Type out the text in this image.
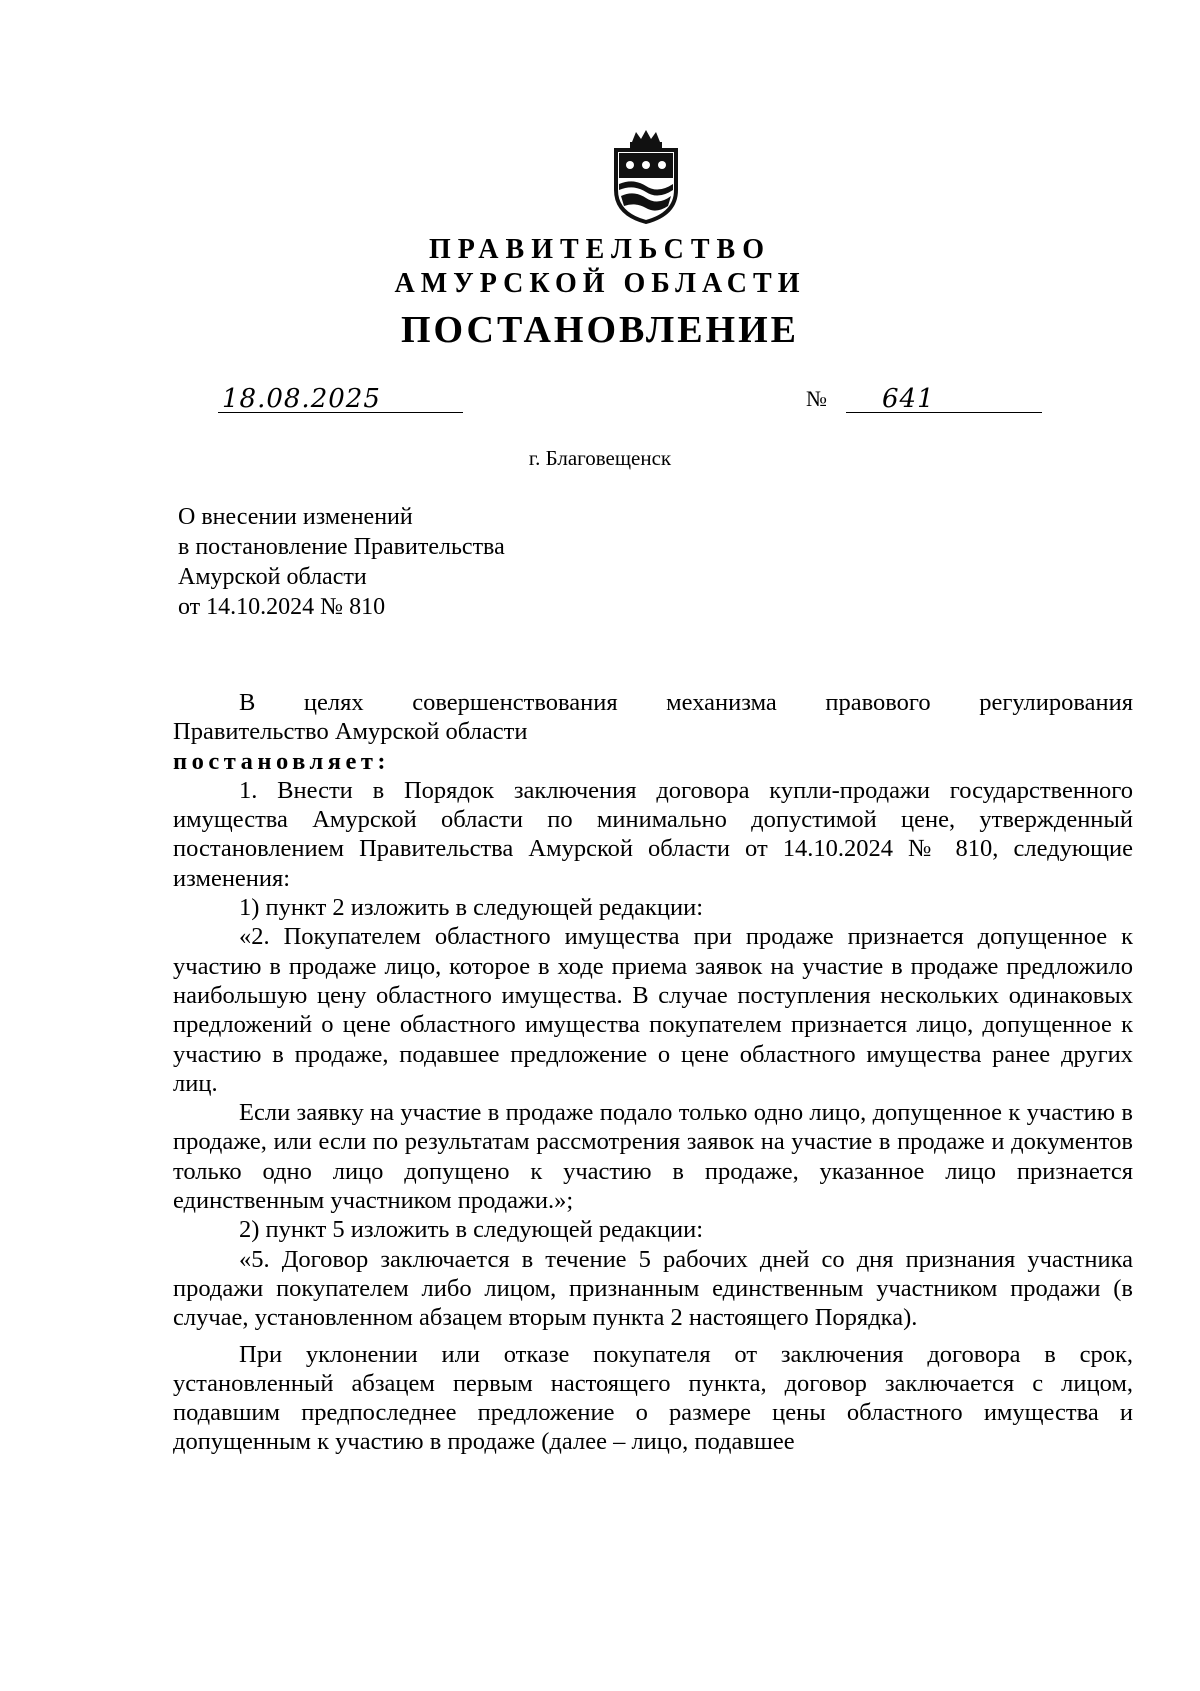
ПРАВИТЕЛЬСТВО
АМУРСКОЙ ОБЛАСТИ
ПОСТАНОВЛЕНИЕ
18.08.2025	№ 641
г. Благовещенск
О внесении изменений
в постановление Правительства
Амурской области
от 14.10.2024 № 810

В целях совершенствования механизма правового регулирования

Правительство Амурской области

постановляет:

1. Внести в Порядок заключения договора купли-продажи государственного имущества Амурской области по минимально допустимой цене, утвержденный постановлением Правительства Амурской области от 14.10.2024 № 810, следующие изменения:

1) пункт 2 изложить в следующей редакции:

«2. Покупателем областного имущества при продаже признается допущенное к участию в продаже лицо, которое в ходе приема заявок на участие в продаже предложило наибольшую цену областного имущества. В случае поступления нескольких одинаковых предложений о цене областного имущества покупателем признается лицо, допущенное к участию в продаже, подавшее предложение о цене областного имущества ранее других лиц.

Если заявку на участие в продаже подало только одно лицо, допущенное к участию в продаже, или если по результатам рассмотрения заявок на участие в продаже и документов только одно лицо допущено к участию в продаже, указанное лицо признается единственным участником продажи.»;

2) пункт 5 изложить в следующей редакции:

«5. Договор заключается в течение 5 рабочих дней со дня признания участника продажи покупателем либо лицом, признанным единственным участником продажи (в случае, установленном абзацем вторым пункта 2 настоящего Порядка).

При уклонении или отказе покупателя от заключения договора в срок, установленный абзацем первым настоящего пункта, договор заключается с лицом, подавшим предпоследнее предложение о размере цены областного имущества и допущенным к участию в продаже (далее – лицо, подавшее
